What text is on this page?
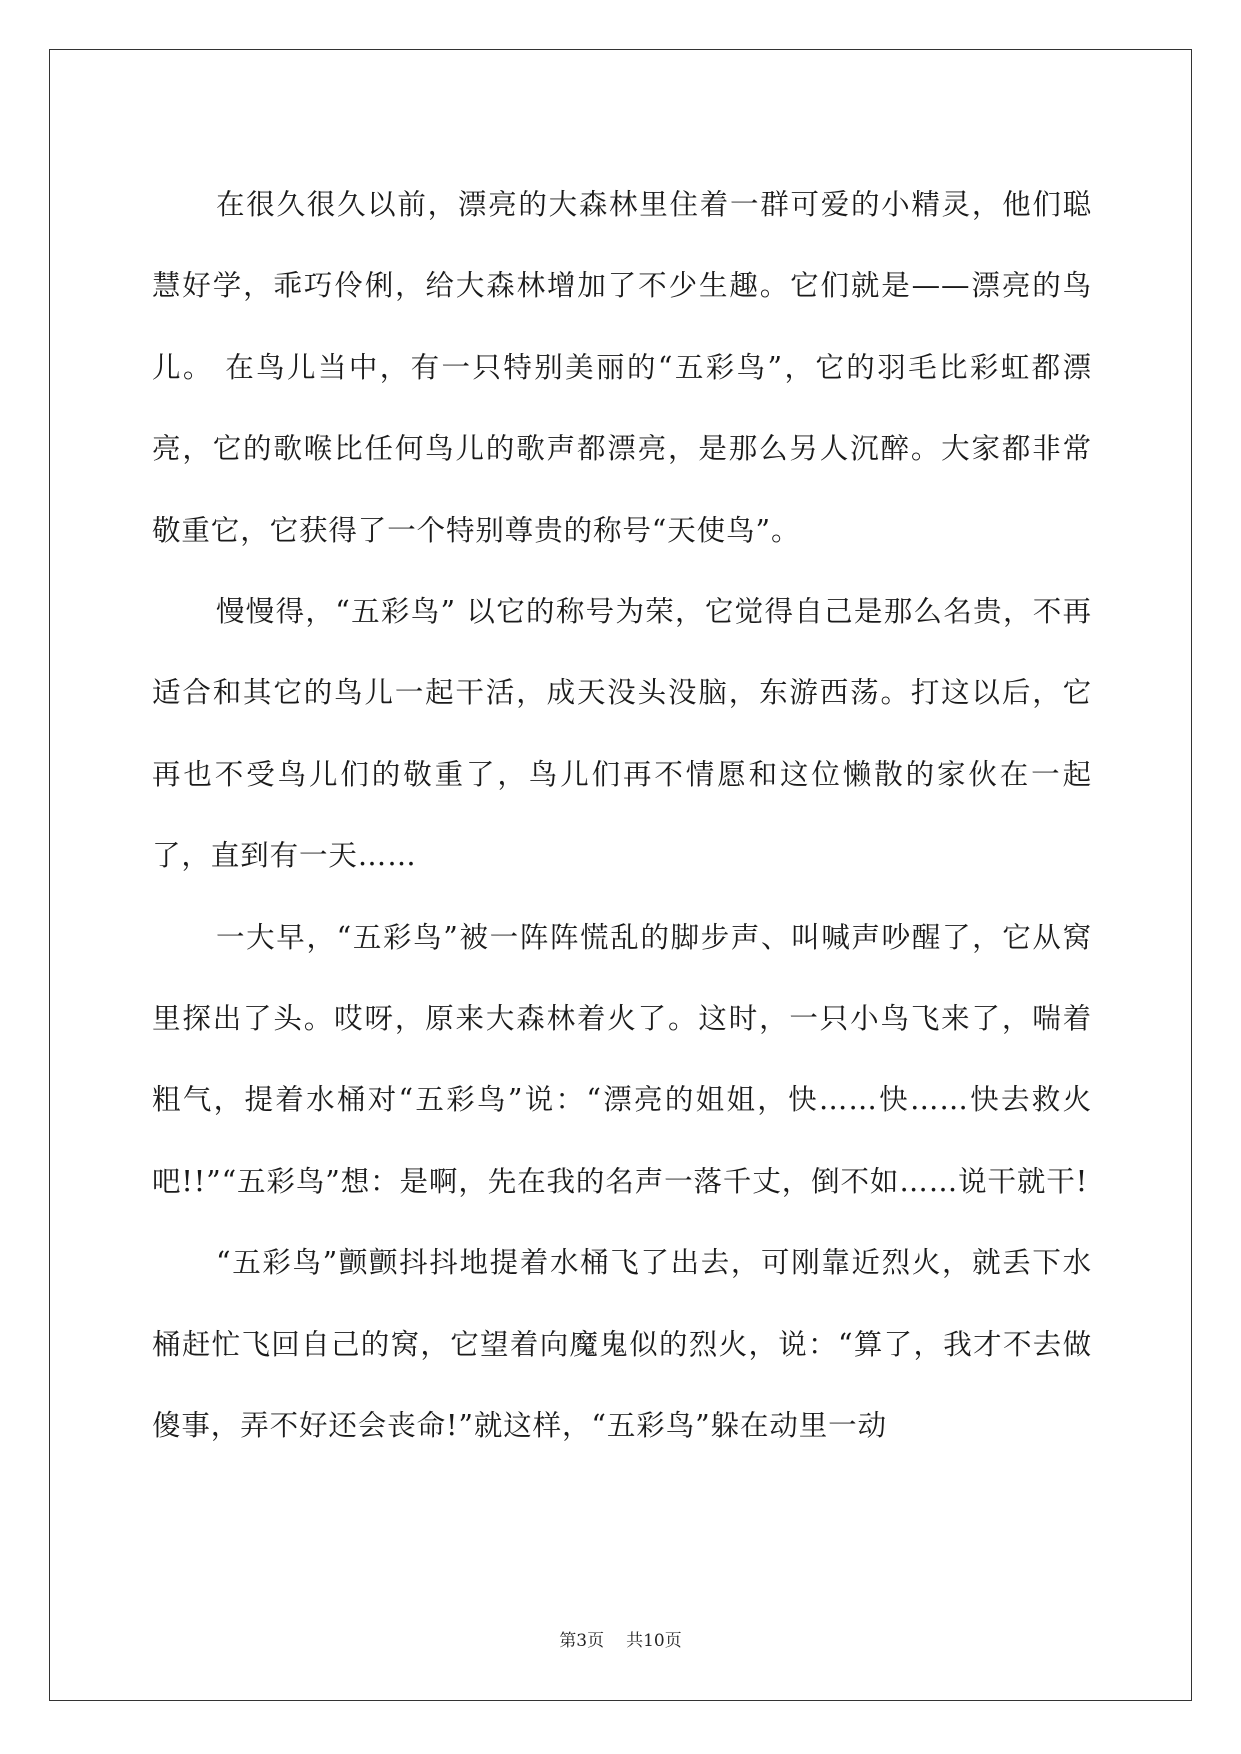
在很久很久以前，漂亮的大森林里住着一群可爱的小精灵，他们聪慧好学，乖巧伶俐，给大森林增加了不少生趣。它们就是——漂亮的鸟儿。 在鸟儿当中，有一只特别美丽的“五彩鸟”，它的羽毛比彩虹都漂亮，它的歌喉比任何鸟儿的歌声都漂亮，是那么另人沉醉。大家都非常敬重它，它获得了一个特别尊贵的称号“天使鸟”。

慢慢得，“五彩鸟” 以它的称号为荣，它觉得自己是那么名贵，不再适合和其它的鸟儿一起干活，成天没头没脑，东游西荡。打这以后，它再也不受鸟儿们的敬重了，鸟儿们再不情愿和这位懒散的家伙在一起了，直到有一天……

一大早，“五彩鸟”被一阵阵慌乱的脚步声、叫喊声吵醒了，它从窝里探出了头。哎呀，原来大森林着火了。这时，一只小鸟飞来了，喘着粗气，提着水桶对“五彩鸟”说：“漂亮的姐姐，快……快……快去救火吧!!”“五彩鸟”想：是啊，先在我的名声一落千丈，倒不如……说干就干!

“五彩鸟”颤颤抖抖地提着水桶飞了出去，可刚靠近烈火，就丢下水桶赶忙飞回自己的窝，它望着向魔鬼似的烈火，说：“算了，我才不去做傻事，弄不好还会丧命!”就这样，“五彩鸟”躲在动里一动

第3页 共10页
